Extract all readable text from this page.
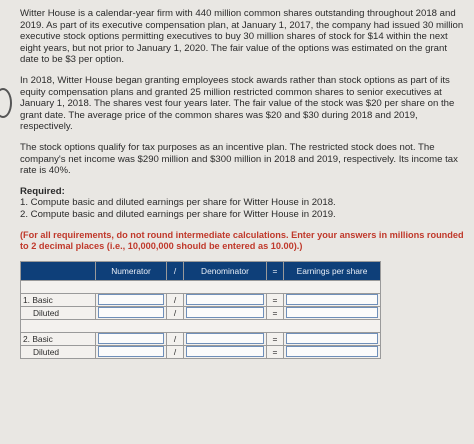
Witter House is a calendar-year firm with 440 million common shares outstanding throughout 2018 and 2019. As part of its executive compensation plan, at January 1, 2017, the company had issued 30 million executive stock options permitting executives to buy 30 million shares of stock for $14 within the next eight years, but not prior to January 1, 2020. The fair value of the options was estimated on the grant date to be $3 per option.

In 2018, Witter House began granting employees stock awards rather than stock options as part of its equity compensation plans and granted 25 million restricted common shares to senior executives at January 1, 2018. The shares vest four years later. The fair value of the stock was $20 per share on the grant date. The average price of the common shares was $20 and $30 during 2018 and 2019, respectively.

The stock options qualify for tax purposes as an incentive plan. The restricted stock does not. The company's net income was $290 million and $300 million in 2018 and 2019, respectively. Its income tax rate is 40%.

Required:
1. Compute basic and diluted earnings per share for Witter House in 2018.
2. Compute basic and diluted earnings per share for Witter House in 2019.

(For all requirements, do not round intermediate calculations. Enter your answers in millions rounded to 2 decimal places (i.e., 10,000,000 should be entered as 10.00).)

	Numerator	/	Denominator	=	Earnings per share

1. Basic		/		=	

Diluted		/		=	

2. Basic		/		=	

Diluted		/		=	
